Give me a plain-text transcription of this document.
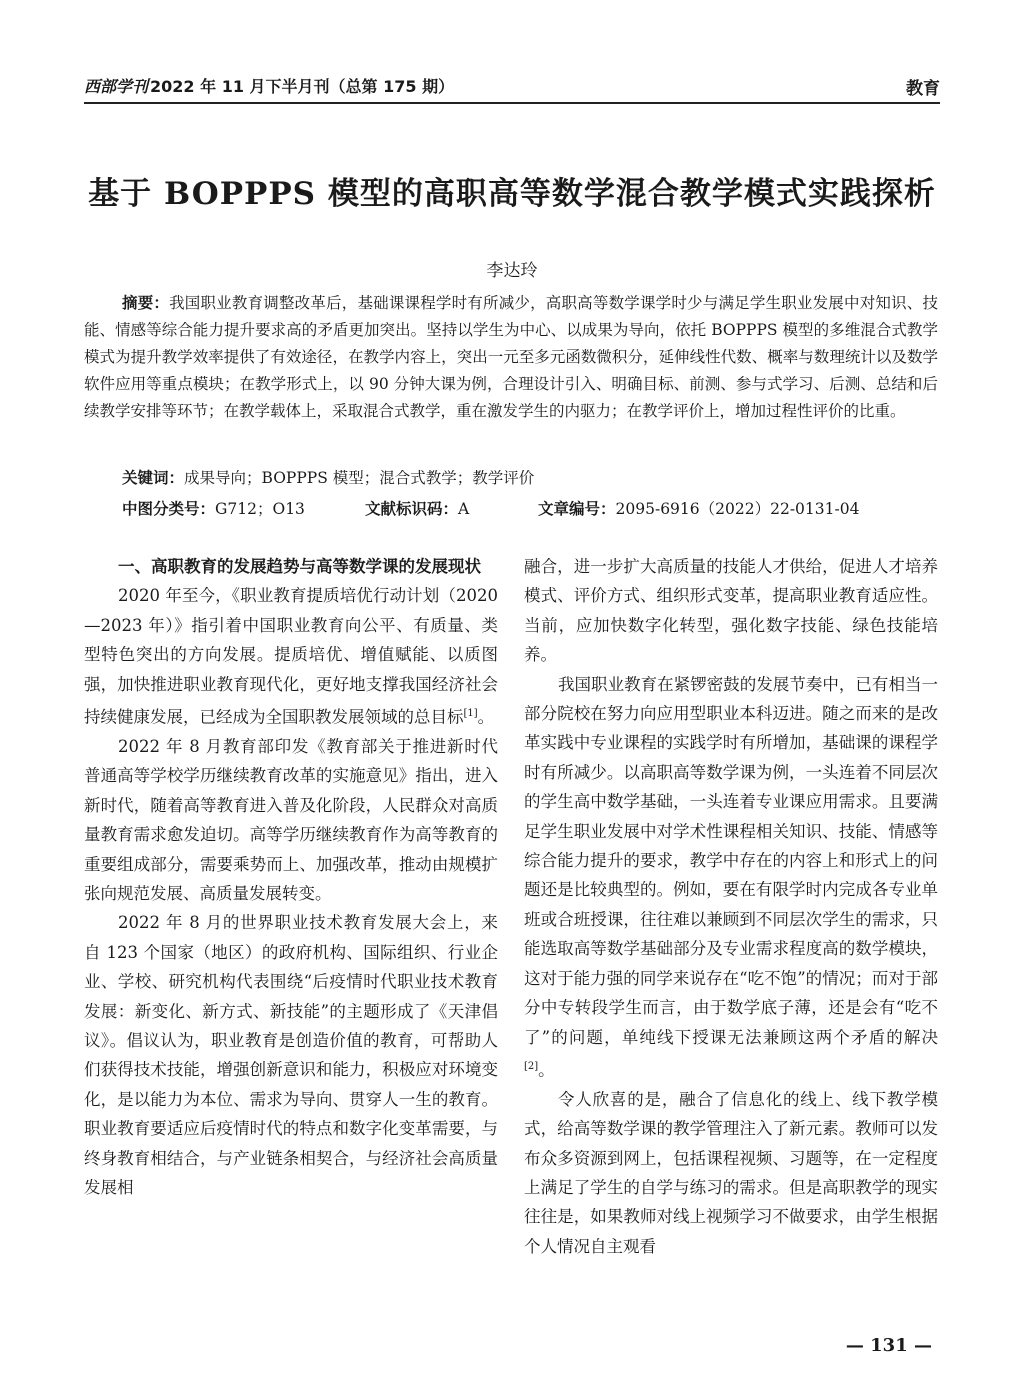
西部学刊 2022 年 11 月下半月刊（总第 175 期）	教育
基于 BOPPPS 模型的高职高等数学混合教学模式实践探析
李达玲
摘要：我国职业教育调整改革后，基础课课程学时有所减少，高职高等数学课学时少与满足学生职业发展中对知识、技能、情感等综合能力提升要求高的矛盾更加突出。坚持以学生为中心、以成果为导向，依托 BOPPPS 模型的多维混合式教学模式为提升教学效率提供了有效途径，在教学内容上，突出一元至多元函数微积分，延伸线性代数、概率与数理统计以及数学软件应用等重点模块；在教学形式上，以 90 分钟大课为例，合理设计引入、明确目标、前测、参与式学习、后测、总结和后续教学安排等环节；在教学载体上，采取混合式教学，重在激发学生的内驱力；在教学评价上，增加过程性评价的比重。
关键词：成果导向；BOPPPS 模型；混合式教学；教学评价
中图分类号：G712；O13	文献标识码：A	文章编号：2095-6916（2022）22-0131-04
一、高职教育的发展趋势与高等数学课的发展现状

2020 年至今，《职业教育提质培优行动计划（2020—2023 年）》指引着中国职业教育向公平、有质量、类型特色突出的方向发展。提质培优、增值赋能、以质图强，加快推进职业教育现代化，更好地支撑我国经济社会持续健康发展，已经成为全国职教发展领域的总目标[1]。

2022 年 8 月教育部印发《教育部关于推进新时代普通高等学校学历继续教育改革的实施意见》指出，进入新时代，随着高等教育进入普及化阶段，人民群众对高质量教育需求愈发迫切。高等学历继续教育作为高等教育的重要组成部分，需要乘势而上、加强改革，推动由规模扩张向规范发展、高质量发展转变。

2022 年 8 月的世界职业技术教育发展大会上，来自 123 个国家（地区）的政府机构、国际组织、行业企业、学校、研究机构代表围绕“后疫情时代职业技术教育发展：新变化、新方式、新技能”的主题形成了《天津倡议》。倡议认为，职业教育是创造价值的教育，可帮助人们获得技术技能，增强创新意识和能力，积极应对环境变化，是以能力为本位、需求为导向、贯穿人一生的教育。职业教育要适应后疫情时代的特点和数字化变革需要，与终身教育相结合，与产业链条相契合，与经济社会高质量发展相

融合，进一步扩大高质量的技能人才供给，促进人才培养模式、评价方式、组织形式变革，提高职业教育适应性。当前，应加快数字化转型，强化数字技能、绿色技能培养。

我国职业教育在紧锣密鼓的发展节奏中，已有相当一部分院校在努力向应用型职业本科迈进。随之而来的是改革实践中专业课程的实践学时有所增加，基础课的课程学时有所减少。以高职高等数学课为例，一头连着不同层次的学生高中数学基础，一头连着专业课应用需求。且要满足学生职业发展中对学术性课程相关知识、技能、情感等综合能力提升的要求，教学中存在的内容上和形式上的问题还是比较典型的。例如，要在有限学时内完成各专业单班或合班授课，往往难以兼顾到不同层次学生的需求，只能选取高等数学基础部分及专业需求程度高的数学模块，这对于能力强的同学来说存在“吃不饱”的情况；而对于部分中专转段学生而言，由于数学底子薄，还是会有“吃不了”的问题，单纯线下授课无法兼顾这两个矛盾的解决[2]。

令人欣喜的是，融合了信息化的线上、线下教学模式，给高等数学课的教学管理注入了新元素。教师可以发布众多资源到网上，包括课程视频、习题等，在一定程度上满足了学生的自学与练习的需求。但是高职教学的现实往往是，如果教师对线上视频学习不做要求，由学生根据个人情况自主观看

— 131 —
